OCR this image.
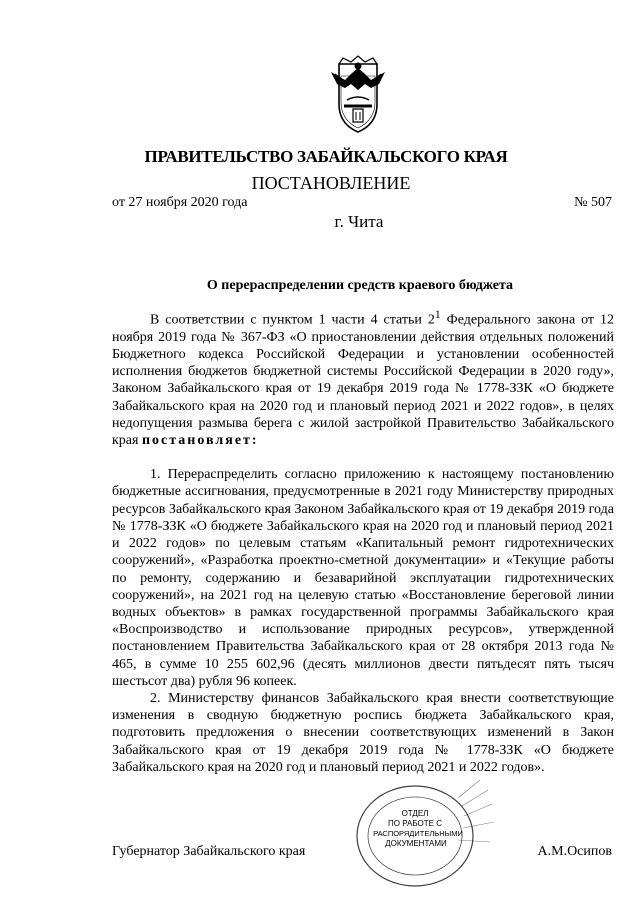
ПРАВИТЕЛЬСТВО ЗАБАЙКАЛЬСКОГО КРАЯ
ПОСТАНОВЛЕНИЕ
от 27 ноября 2020 года	№ 507
г. Чита
О перераспределении средств краевого бюджета

В соответствии с пунктом 1 части 4 статьи $2^1$ Федерального закона от 12 ноября 2019 года № 367-ФЗ «О приостановлении действия отдельных положений Бюджетного кодекса Российской Федерации и установлении особенностей исполнения бюджетов бюджетной системы Российской Федерации в 2020 году», Законом Забайкальского края от 19 декабря 2019 года № 1778-ЗЗК «О бюджете Забайкальского края на 2020 год и плановый период 2021 и 2022 годов», в целях недопущения размыва берега с жилой застройкой Правительство Забайкальского края постановляет:

1. Перераспределить согласно приложению к настоящему постановлению бюджетные ассигнования, предусмотренные в 2021 году Министерству природных ресурсов Забайкальского края Законом Забайкальского края от 19 декабря 2019 года № 1778-ЗЗК «О бюджете Забайкальского края на 2020 год и плановый период 2021 и 2022 годов» по целевым статьям «Капитальный ремонт гидротехнических сооружений», «Разработка проектно-сметной документации» и «Текущие работы по ремонту, содержанию и безаварийной эксплуатации гидротехнических сооружений», на 2021 год на целевую статью «Восстановление береговой линии водных объектов» в рамках государственной программы Забайкальского края «Воспроизводство и использование природных ресурсов», утвержденной постановлением Правительства Забайкальского края от 28 октября 2013 года № 465, в сумме 10 255 602,96 (десять миллионов двести пятьдесят пять тысяч шестьсот два) рубля 96 копеек.

2. Министерству финансов Забайкальского края внести соответствующие изменения в сводную бюджетную роспись бюджета Забайкальского края, подготовить предложения о внесении соответствующих изменений в Закон Забайкальского края от 19 декабря 2019 года № 1778-ЗЗК «О бюджете Забайкальского края на 2020 год и плановый период 2021 и 2022 годов».

ОТДЕЛ
ПО РАБОТЕ С
РАСПОРЯДИТЕЛЬНЫМИ
ДОКУМЕНТАМИ
Губернатор Забайкальского края	А.М.Осипов
